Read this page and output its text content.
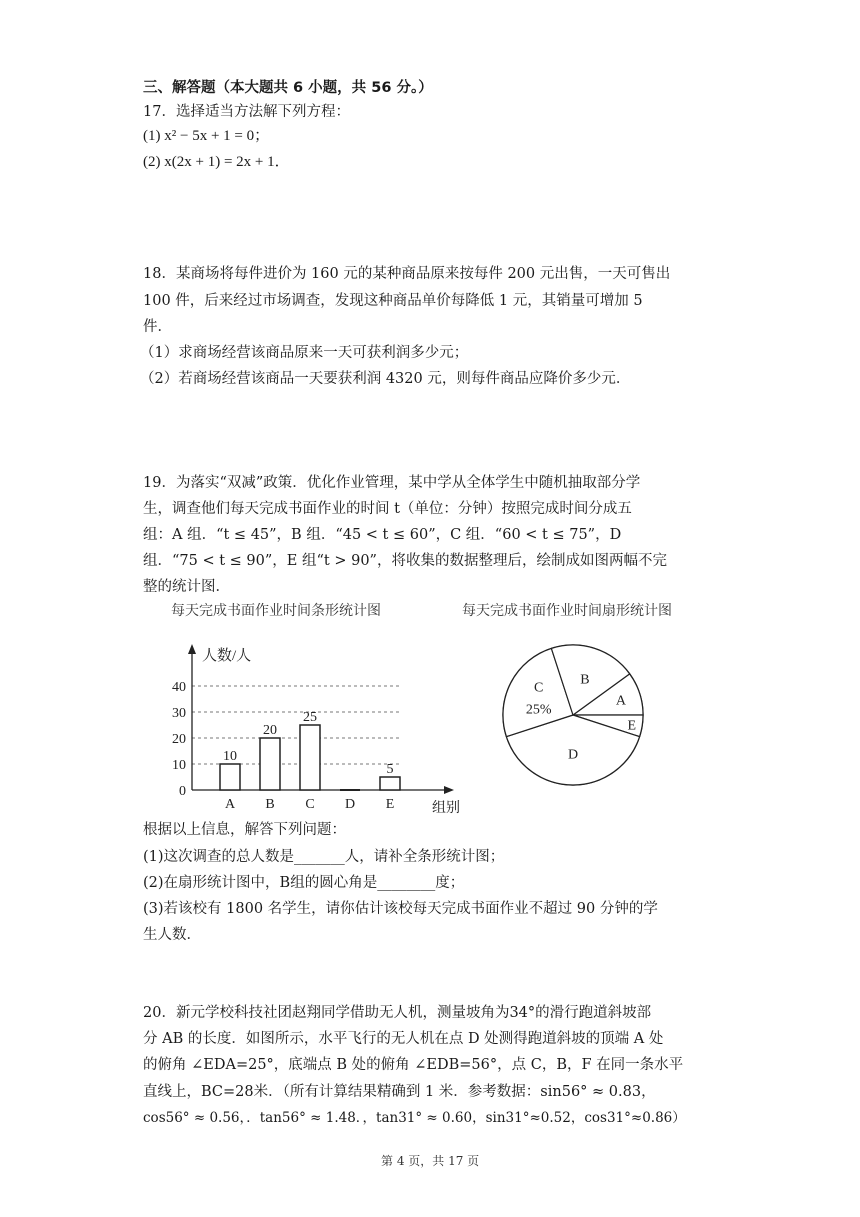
三、解答题（本大题共 6 小题，共 56 分。）
17．选择适当方法解下列方程：
(1) x² − 5x + 1 = 0；
(2) x(2x + 1) = 2x + 1．
18．某商场将每件进价为 160 元的某种商品原来按每件 200 元出售，一天可售出
100 件，后来经过市场调查，发现这种商品单价每降低 1 元，其销量可增加 5
件．
（1）求商场经营该商品原来一天可获利润多少元；
（2）若商场经营该商品一天要获利润 4320 元，则每件商品应降价多少元．
19．为落实“双减”政策．优化作业管理，某中学从全体学生中随机抽取部分学
生，调查他们每天完成书面作业的时间 t（单位：分钟）按照完成时间分成五
组：A 组．“t ≤ 45”，B 组．“45 < t ≤ 60”，C 组．“60 < t ≤ 75”，D
组．“75 < t ≤ 90”，E 组“t > 90”，将收集的数据整理后，绘制成如图两幅不完
整的统计图．
每天完成书面作业时间条形统计图	每天完成书面作业时间扇形统计图
0
10
20
30
40
人数/人
组别
10
A
20
B
25
C D
5
E
A
E
D
C
25%
B
根据以上信息，解答下列问题：
(1)这次调查的总人数是_______人，请补全条形统计图；
(2)在扇形统计图中，B组的圆心角是________度；
(3)若该校有 1800 名学生，请你估计该校每天完成书面作业不超过 90 分钟的学
生人数．
20．新元学校科技社团赵翔同学借助无人机，测量坡角为34°的滑行跑道斜坡部
分 AB 的长度．如图所示，水平飞行的无人机在点 D 处测得跑道斜坡的顶端 A 处
的俯角 ∠EDA=25°，底端点 B 处的俯角 ∠EDB=56°，点 C，B，F 在同一条水平
直线上，BC=28米．（所有计算结果精确到 1 米．参考数据：sin56° ≈ 0.83，
cos56° ≈ 0.56，．tan56° ≈ 1.48．，tan31° ≈ 0.60，sin31°≈0.52，cos31°≈0.86）
第 4 页，共 17 页
